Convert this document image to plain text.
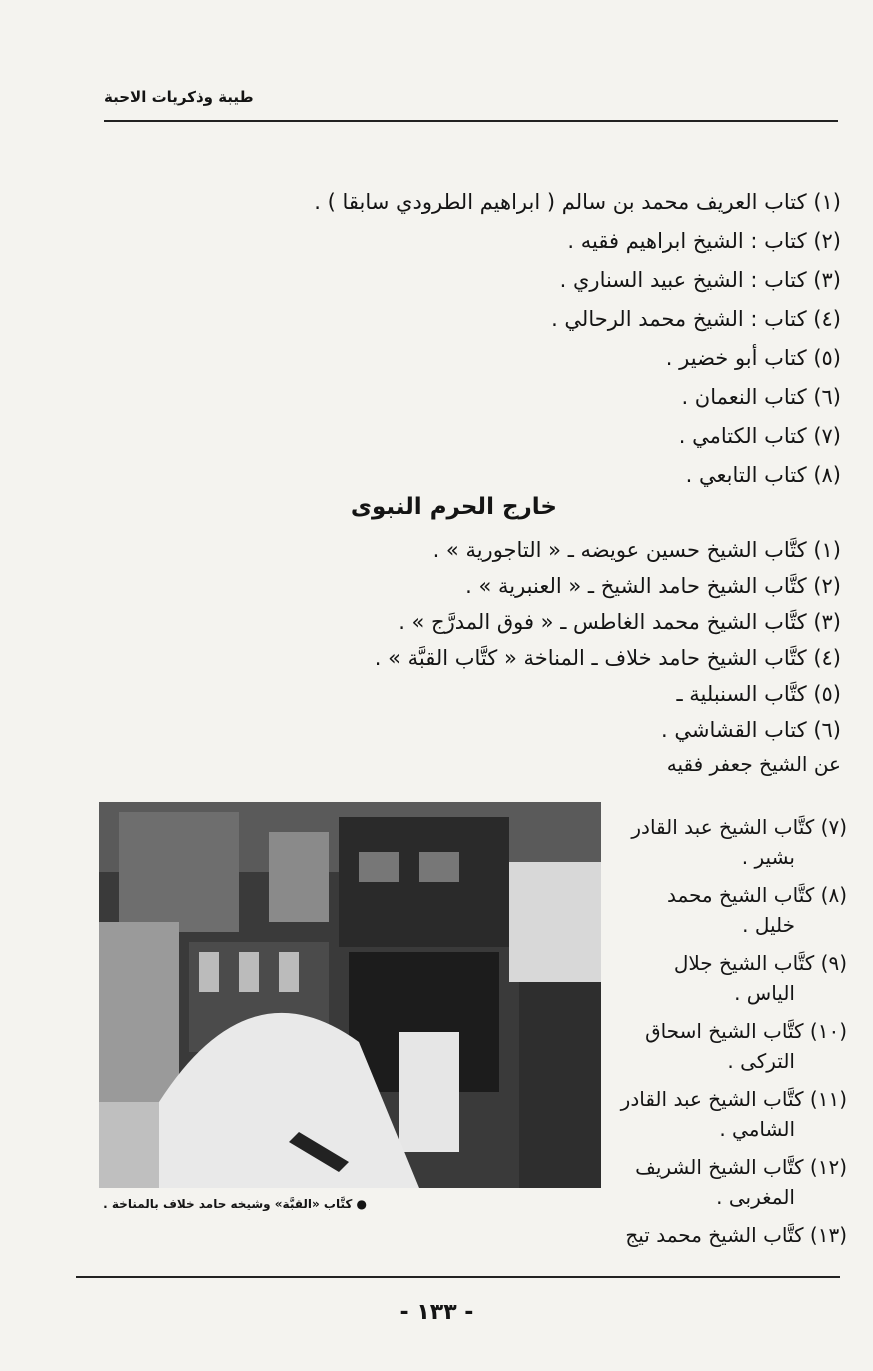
طيبة وذكريات الاحبة
(١) كتاب العريف محمد بن سالم ( ابراهيم الطرودي سابقا ) .
(٢) كتاب : الشيخ ابراهيم فقيه .
(٣) كتاب : الشيخ عبيد السناري .
(٤) كتاب : الشيخ محمد الرحالي .
(٥) كتاب أبو خضير .
(٦) كتاب النعمان .
(٧) كتاب الكتامي .
(٨) كتاب التابعي .
خارج الحرم النبوى
(١) كتَّاب الشيخ حسين عويضه ـ « التاجورية » .
(٢) كتَّاب الشيخ حامد الشيخ ـ « العنبرية » .
(٣) كتَّاب الشيخ محمد الغاطس ـ « فوق المدرَّج » .
(٤) كتَّاب الشيخ حامد خلاف ـ المناخة « كتَّاب القبَّة » .
(٥) كتَّاب السنبلية ـ
(٦) كتاب القشاشي .
عن الشيخ جعفر فقيه
● كتَّاب «القبَّة» وشيخه حامد خلاف بالمناخة .
(٧) كتَّاب الشيخ عبد القادر
بشير .
(٨) كتَّاب الشيخ محمد
خليل .
(٩) كتَّاب الشيخ جلال
الياس .
(١٠) كتَّاب الشيخ اسحاق
التركى .
(١١) كتَّاب الشيخ عبد القادر
الشامي .
(١٢) كتَّاب الشيخ الشريف
المغربى .
(١٣) كتَّاب الشيخ محمد تيج
- ١٣٣ -
